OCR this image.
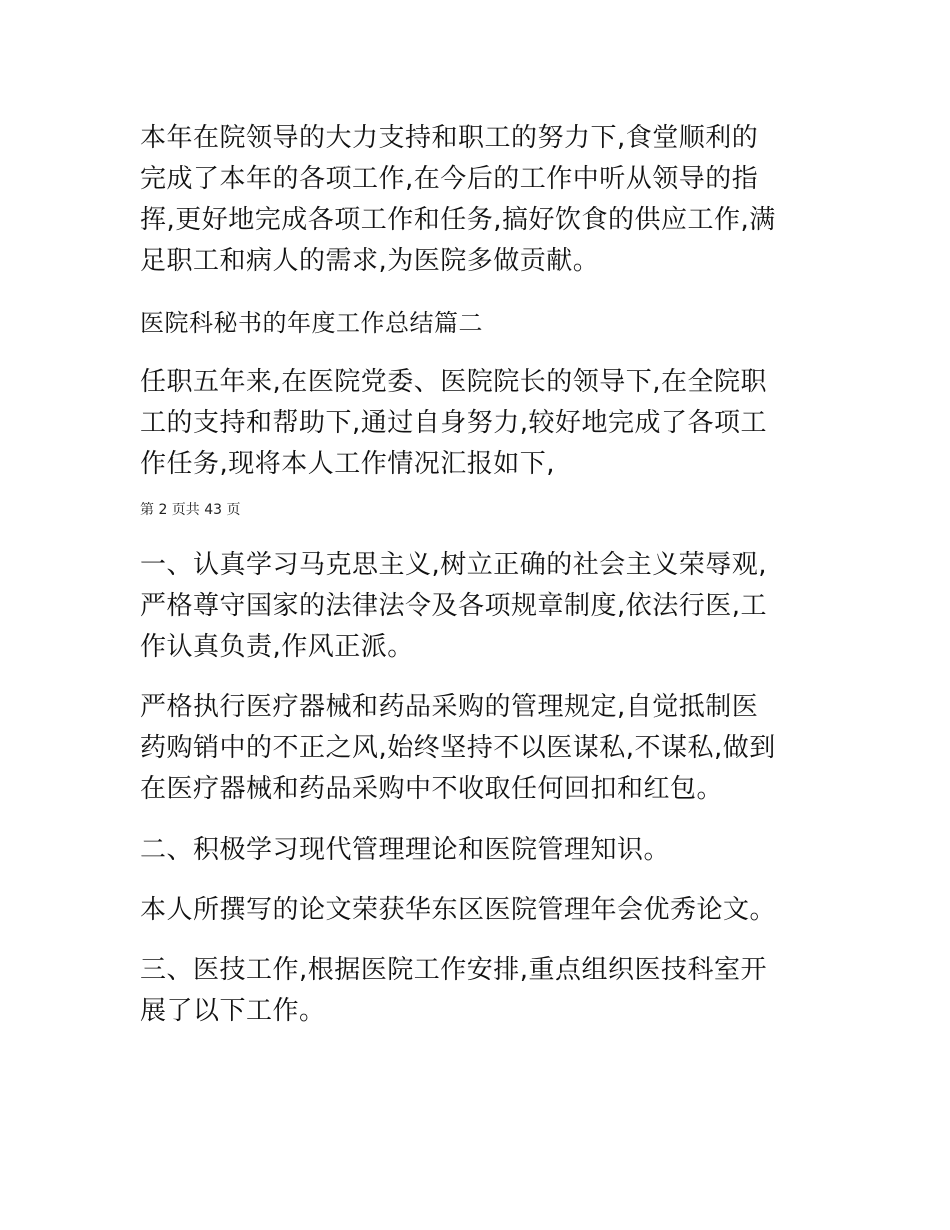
本年在院领导的大力支持和职工的努力下,食堂顺利的
完成了本年的各项工作,在今后的工作中听从领导的指
挥,更好地完成各项工作和任务,搞好饮食的供应工作,满
足职工和病人的需求,为医院多做贡献。

医院科秘书的年度工作总结篇二

任职五年来,在医院党委、医院院长的领导下,在全院职
工的支持和帮助下,通过自身努力,较好地完成了各项工
作任务,现将本人工作情况汇报如下,

第 2 页共 43 页

一、认真学习马克思主义,树立正确的社会主义荣辱观,
严格尊守国家的法律法令及各项规章制度,依法行医,工
作认真负责,作风正派。

严格执行医疗器械和药品采购的管理规定,自觉抵制医
药购销中的不正之风,始终坚持不以医谋私,不谋私,做到
在医疗器械和药品采购中不收取任何回扣和红包。

二、积极学习现代管理理论和医院管理知识。

本人所撰写的论文荣获华东区医院管理年会优秀论文。

三、医技工作,根据医院工作安排,重点组织医技科室开
展了以下工作。
